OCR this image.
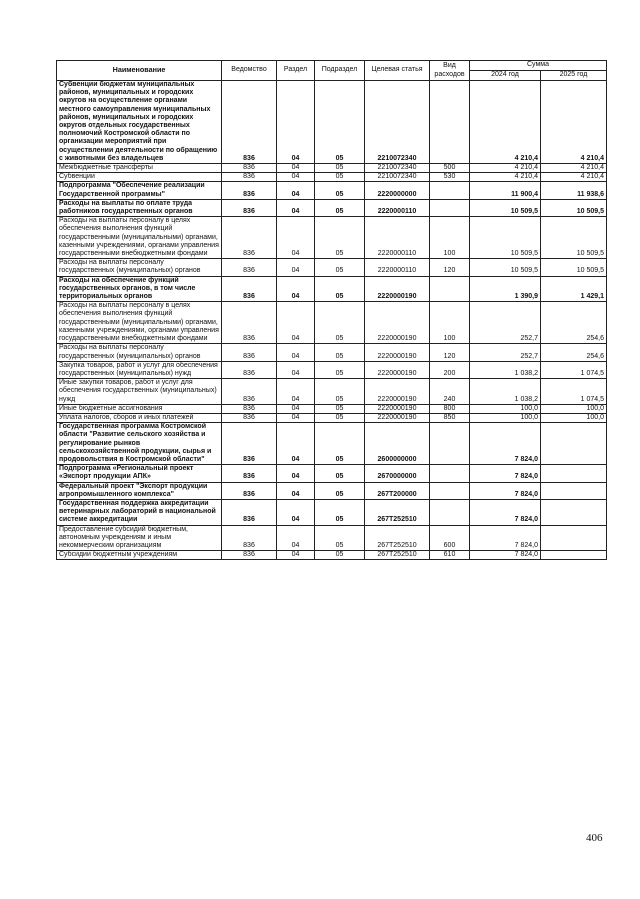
Наименование	Ведомство	Раздел	Подраздел	Целевая статья	Вид расходов	Сумма	
						2024 год	2025 год
Субвенции бюджетам муниципальных районов, муниципальных и городских округов на осуществление органами местного самоуправления муниципальных районов, муниципальных и городских округов отдельных государственных полномочий Костромской области по организации мероприятий при осуществлении деятельности по обращению с животными без владельцев	836	04	05	2210072340		4 210,4	4 210,4
Межбюджетные трансферты	836	04	05	2210072340	500	4 210,4	4 210,4
Субвенции	836	04	05	2210072340	530	4 210,4	4 210,4
Подпрограмма "Обеспечение реализации Государственной программы"	836	04	05	2220000000		11 900,4	11 938,6
Расходы на выплаты по оплате труда работников государственных органов	836	04	05	2220000110		10 509,5	10 509,5
Расходы на выплаты персоналу в целях обеспечения выполнения функций государственными (муниципальными) органами, казенными учреждениями, органами управления государственными внебюджетными фондами	836	04	05	2220000110	100	10 509,5	10 509,5
Расходы на выплаты персоналу государственных (муниципальных) органов	836	04	05	2220000110	120	10 509,5	10 509,5
Расходы на обеспечение функций государственных органов, в том числе территориальных органов	836	04	05	2220000190		1 390,9	1 429,1
Расходы на выплаты персоналу в целях обеспечения выполнения функций государственными (муниципальными) органами, казенными учреждениями, органами управления государственными внебюджетными фондами	836	04	05	2220000190	100	252,7	254,6
Расходы на выплаты персоналу государственных (муниципальных) органов	836	04	05	2220000190	120	252,7	254,6
Закупка товаров, работ и услуг для обеспечения государственных (муниципальных) нужд	836	04	05	2220000190	200	1 038,2	1 074,5
Иные закупки товаров, работ и услуг для обеспечения государственных (муниципальных) нужд	836	04	05	2220000190	240	1 038,2	1 074,5
Иные бюджетные ассигнования	836	04	05	2220000190	800	100,0	100,0
Уплата налогов, сборов и иных платежей	836	04	05	2220000190	850	100,0	100,0
Государственная программа Костромской области "Развитие сельского хозяйства и регулирование рынков сельскохозяйственной продукции, сырья и продовольствия в Костромской области"	836	04	05	2600000000		7 824,0	
Подпрограмма «Региональный проект «Экспорт продукции АПК»	836	04	05	2670000000		7 824,0	
Федеральный проект "Экспорт продукции агропромышленного комплекса"	836	04	05	267T200000		7 824,0	
Государственная поддержка аккредитации ветеринарных лабораторий в национальной системе аккредитации	836	04	05	267T252510		7 824,0	
Предоставление субсидий бюджетным, автономным учреждениям и иным некоммерческим организациям	836	04	05	267T252510	600	7 824,0	
Субсидии бюджетным учреждениям	836	04	05	267T252510	610	7 824,0	
406
